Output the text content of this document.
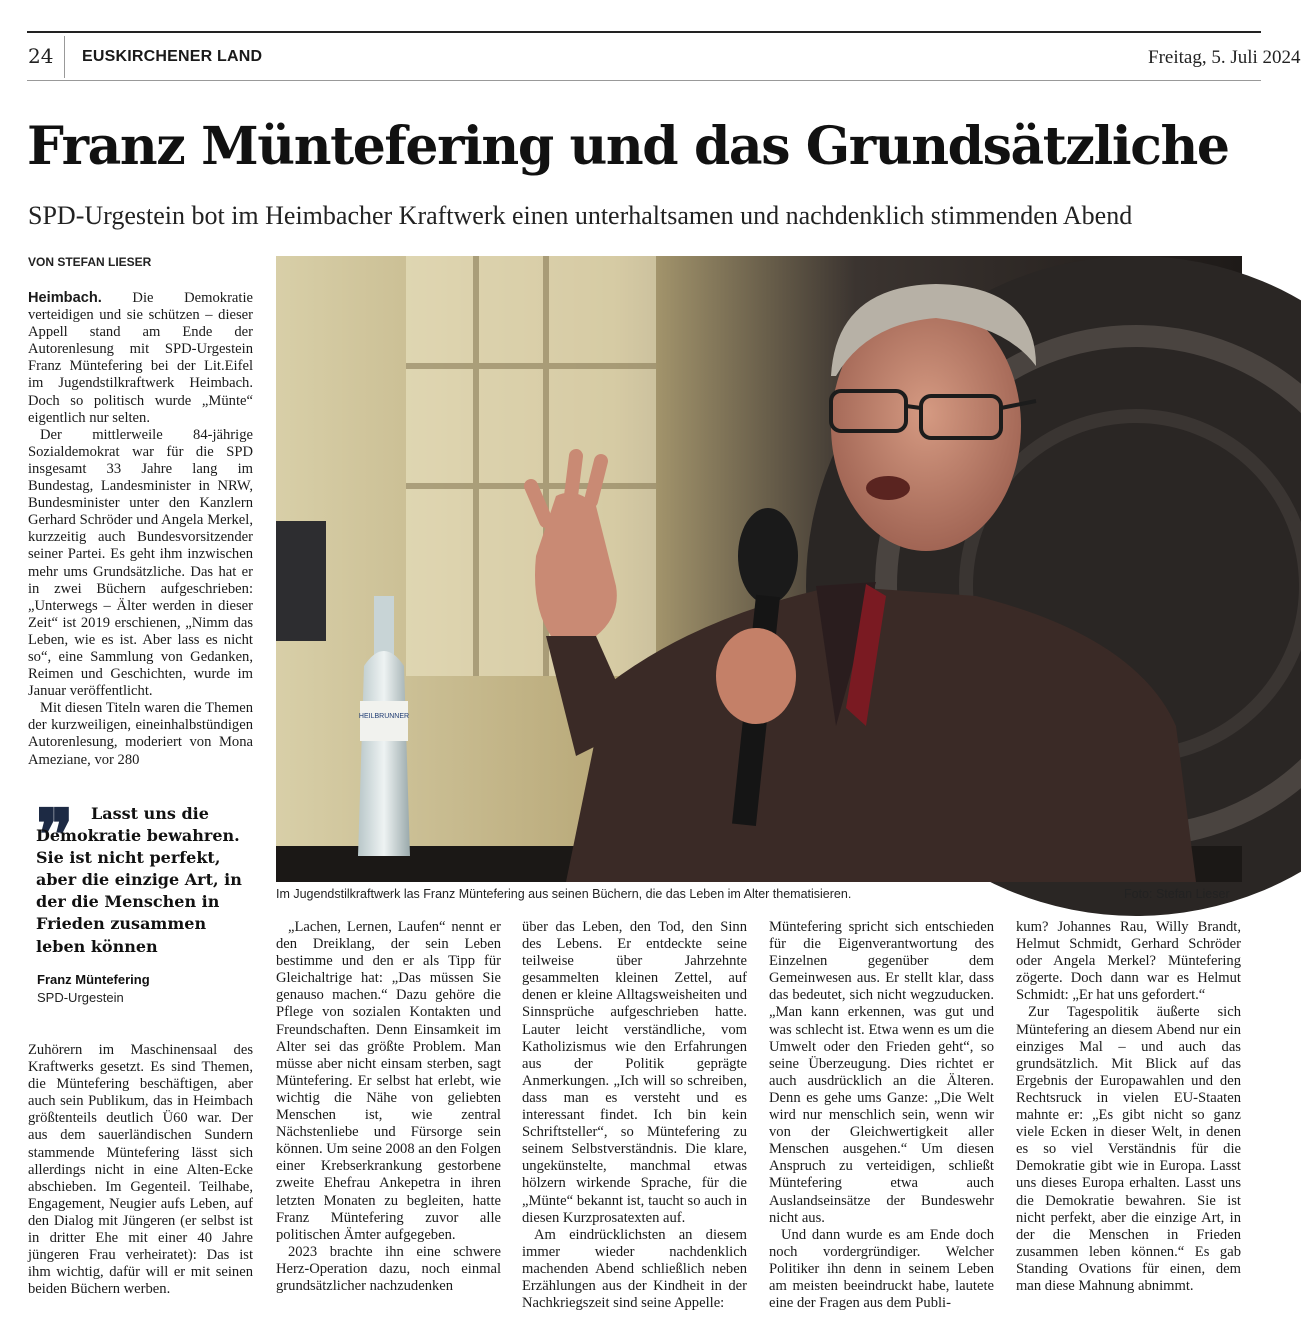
24 EUSKIRCHENER LAND	Freitag, 5. Juli 2024
Franz Müntefering und das Grundsätzliche
SPD-Urgestein bot im Heimbacher Kraftwerk einen unterhaltsamen und nachdenklich stimmenden Abend
VON STEFAN LIESER

Heimbach. Die Demokratie verteidigen und sie schützen – dieser Appell stand am Ende der Autorenlesung mit SPD-Urgestein Franz Müntefering bei der Lit.Eifel im Jugendstilkraftwerk Heimbach. Doch so politisch wurde „Münte“ eigentlich nur selten.

Der mittlerweile 84-jährige Sozialdemokrat war für die SPD insgesamt 33 Jahre lang im Bundestag, Landesminister in NRW, Bundesminister unter den Kanzlern Gerhard Schröder und Angela Merkel, kurzzeitig auch Bundesvorsitzender seiner Partei. Es geht ihm inzwischen mehr ums Grundsätzliche. Das hat er in zwei Büchern aufgeschrieben: „Unterwegs – Älter werden in dieser Zeit“ ist 2019 erschienen, „Nimm das Leben, wie es ist. Aber lass es nicht so“, eine Sammlung von Gedanken, Reimen und Geschichten, wurde im Januar veröffentlicht.

Mit diesen Titeln waren die Themen der kurzweiligen, eineinhalbstündigen Autorenlesung, moderiert von Mona Ameziane, vor 280

❞	Lasst uns die Demokratie bewahren. Sie ist nicht perfekt, aber die einzige Art, in der die Menschen in Frieden zusammen leben können
Franz Müntefering
SPD-Urgestein

Zuhörern im Maschinensaal des Kraftwerks gesetzt. Es sind Themen, die Müntefering beschäftigen, aber auch sein Publikum, das in Heimbach größtenteils deutlich Ü60 war. Der aus dem sauerländischen Sundern stammende Müntefering lässt sich allerdings nicht in eine Alten-Ecke abschieben. Im Gegenteil. Teilhabe, Engagement, Neugier aufs Leben, auf den Dialog mit Jüngeren (er selbst ist in dritter Ehe mit einer 40 Jahre jüngeren Frau verheiratet): Das ist ihm wichtig, dafür will er mit seinen beiden Büchern werben.

HEILBRUNNER
Im Jugendstilkraftwerk las Franz Müntefering aus seinen Büchern, die das Leben im Alter thematisieren.	Foto: Stefan Lieser

„Lachen, Lernen, Laufen“ nennt er den Dreiklang, der sein Leben bestimme und den er als Tipp für Gleichaltrige hat: „Das müssen Sie genauso machen.“ Dazu gehöre die Pflege von sozialen Kontakten und Freundschaften. Denn Einsamkeit im Alter sei das größte Problem. Man müsse aber nicht einsam sterben, sagt Müntefering. Er selbst hat erlebt, wie wichtig die Nähe von geliebten Menschen ist, wie zentral Nächstenliebe und Fürsorge sein können. Um seine 2008 an den Folgen einer Krebserkrankung gestorbene zweite Ehefrau Ankepetra in ihren letzten Monaten zu begleiten, hatte Franz Müntefering zuvor alle politischen Ämter aufgegeben.

2023 brachte ihn eine schwere Herz-Operation dazu, noch einmal grundsätzlicher nachzudenken

über das Leben, den Tod, den Sinn des Lebens. Er entdeckte seine teilweise über Jahrzehnte gesammelten kleinen Zettel, auf denen er kleine Alltagsweisheiten und Sinnsprüche aufgeschrieben hatte. Lauter leicht verständliche, vom Katholizismus wie den Erfahrungen aus der Politik geprägte Anmerkungen. „Ich will so schreiben, dass man es versteht und es interessant findet. Ich bin kein Schriftsteller“, so Müntefering zu seinem Selbstverständnis. Die klare, ungekünstelte, manchmal etwas hölzern wirkende Sprache, für die „Münte“ bekannt ist, taucht so auch in diesen Kurzprosatexten auf.

Am eindrücklichsten an diesem immer wieder nachdenklich machenden Abend schließlich neben Erzählungen aus der Kindheit in der Nachkriegszeit sind seine Appelle:

Müntefering spricht sich entschieden für die Eigenverantwortung des Einzelnen gegenüber dem Gemeinwesen aus. Er stellt klar, dass das bedeutet, sich nicht wegzuducken. „Man kann erkennen, was gut und was schlecht ist. Etwa wenn es um die Umwelt oder den Frieden geht“, so seine Überzeugung. Dies richtet er auch ausdrücklich an die Älteren. Denn es gehe ums Ganze: „Die Welt wird nur menschlich sein, wenn wir von der Gleichwertigkeit aller Menschen ausgehen.“ Um diesen Anspruch zu verteidigen, schließt Müntefering etwa auch Auslandseinsätze der Bundeswehr nicht aus.

Und dann wurde es am Ende doch noch vordergründiger. Welcher Politiker ihn denn in seinem Leben am meisten beeindruckt habe, lautete eine der Fragen aus dem Publi-

kum? Johannes Rau, Willy Brandt, Helmut Schmidt, Gerhard Schröder oder Angela Merkel? Müntefering zögerte. Doch dann war es Helmut Schmidt: „Er hat uns gefordert.“

Zur Tagespolitik äußerte sich Müntefering an diesem Abend nur ein einziges Mal – und auch das grundsätzlich. Mit Blick auf das Ergebnis der Europawahlen und den Rechtsruck in vielen EU-Staaten mahnte er: „Es gibt nicht so ganz viele Ecken in dieser Welt, in denen es so viel Verständnis für die Demokratie gibt wie in Europa. Lasst uns dieses Europa erhalten. Lasst uns die Demokratie bewahren. Sie ist nicht perfekt, aber die einzige Art, in der die Menschen in Frieden zusammen leben können.“ Es gab Standing Ovations für einen, dem man diese Mahnung abnimmt.
